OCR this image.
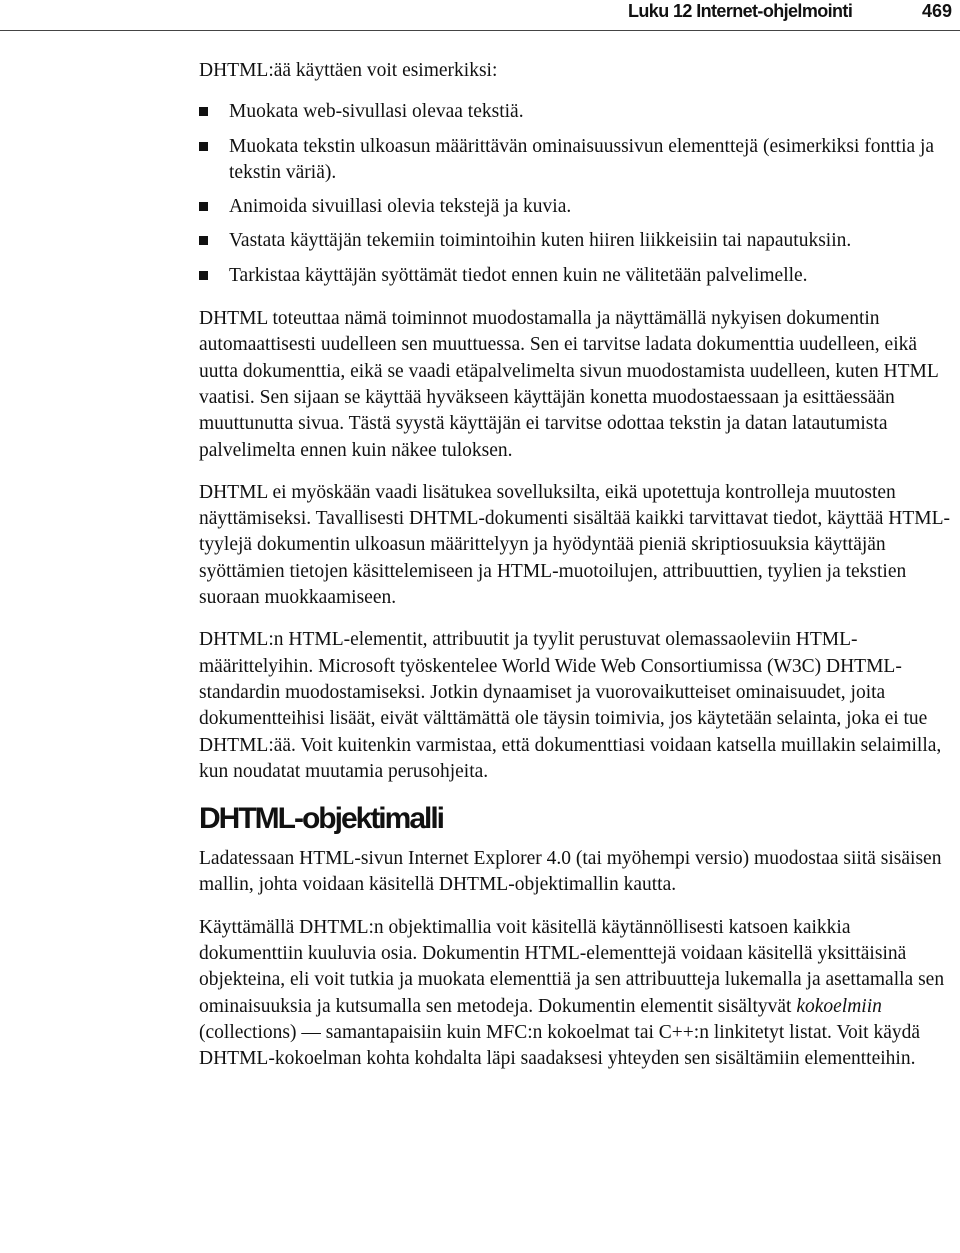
Luku 12 Internet-ohjelmointi	469

DHTML:ää käyttäen voit esimerkiksi:

Muokata web-sivullasi olevaa tekstiä.
Muokata tekstin ulkoasun määrittävän ominaisuussivun elementtejä (esimerkiksi fonttia ja tekstin väriä).
Animoida sivuillasi olevia tekstejä ja kuvia.
Vastata käyttäjän tekemiin toimintoihin kuten hiiren liikkeisiin tai napautuksiin.
Tarkistaa käyttäjän syöttämät tiedot ennen kuin ne välitetään palvelimelle.

DHTML toteuttaa nämä toiminnot muodostamalla ja näyttämällä nykyisen dokumentin automaattisesti uudelleen sen muuttuessa. Sen ei tarvitse ladata dokumenttia uudelleen, eikä uutta dokumenttia, eikä se vaadi etäpalvelimelta sivun muodostamista uudelleen, kuten HTML vaatisi. Sen sijaan se käyttää hyväkseen käyttäjän konetta muodostaessaan ja esittäessään muuttunutta sivua. Tästä syystä käyttäjän ei tarvitse odottaa tekstin ja datan latautumista palvelimelta ennen kuin näkee tuloksen.

DHTML ei myöskään vaadi lisätukea sovelluksilta, eikä upotettuja kontrolleja muutosten näyttämiseksi. Tavallisesti DHTML-dokumenti sisältää kaikki tarvittavat tiedot, käyttää HTML-tyylejä dokumentin ulkoasun määrittelyyn ja hyödyntää pieniä skriptiosuuksia käyttäjän syöttämien tietojen käsittelemiseen ja HTML-muotoilujen, attribuuttien, tyylien ja tekstien suoraan muokkaamiseen.

DHTML:n HTML-elementit, attribuutit ja tyylit perustuvat olemassaoleviin HTML-määrittelyihin. Microsoft työskentelee World Wide Web Consortiumissa (W3C) DHTML-standardin muodostamiseksi. Jotkin dynaamiset ja vuorovaikutteiset ominaisuudet, joita dokumentteihisi lisäät, eivät välttämättä ole täysin toimivia, jos käytetään selainta, joka ei tue DHTML:ää. Voit kuitenkin varmistaa, että dokumenttiasi voidaan katsella muillakin selaimilla, kun noudatat muutamia perusohjeita.

DHTML-objektimalli

Ladatessaan HTML-sivun Internet Explorer 4.0 (tai myöhempi versio) muodostaa siitä sisäisen mallin, johta voidaan käsitellä DHTML-objektimallin kautta.

Käyttämällä DHTML:n objektimallia voit käsitellä käytännöllisesti katsoen kaikkia dokumenttiin kuuluvia osia. Dokumentin HTML-elementtejä voidaan käsitellä yksittäisinä objekteina, eli voit tutkia ja muokata elementtiä ja sen attribuutteja lukemalla ja asettamalla sen ominaisuuksia ja kutsumalla sen metodeja. Dokumentin elementit sisältyvät kokoelmiin (collections) — samantapaisiin kuin MFC:n kokoelmat tai C++:n linkitetyt listat. Voit käydä DHTML-kokoelman kohta kohdalta läpi saadaksesi yhteyden sen sisältämiin elementteihin.
